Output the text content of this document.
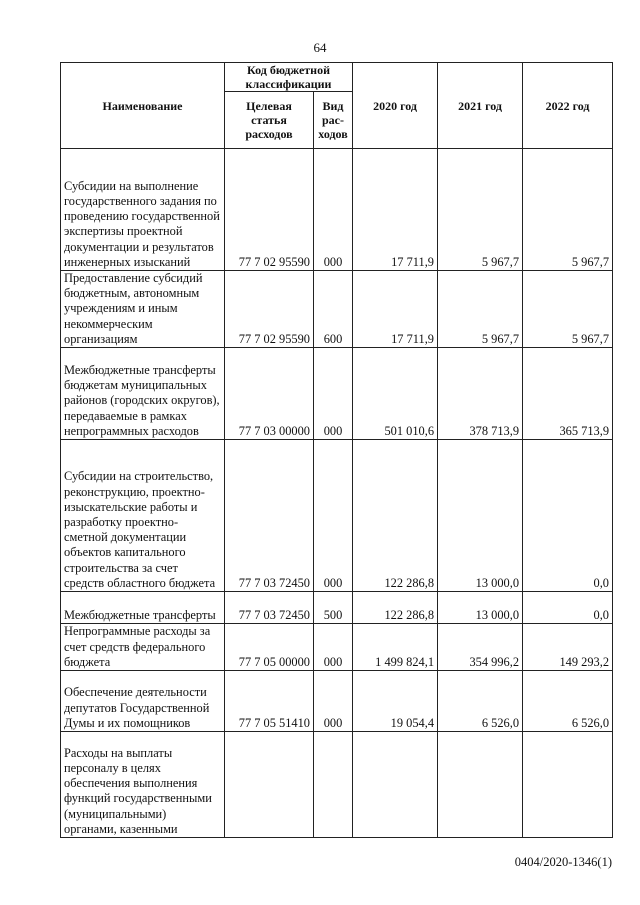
64
Наименование	Код бюджетной классификации		2020 год	2021 год	2022 год
	Целевая статья расходов	Вид рас-ходов			
Субсидии на выполнение государственного задания по проведению государственной экспертизы проектной документации и результатов инженерных изысканий	77 7 02 95590	000	17 711,9	5 967,7	5 967,7
Предоставление субсидий бюджетным, автономным учреждениям и иным некоммерческим организациям	77 7 02 95590	600	17 711,9	5 967,7	5 967,7
Межбюджетные трансферты бюджетам муниципальных районов (городских округов), передаваемые в рамках непрограммных расходов	77 7 03 00000	000	501 010,6	378 713,9	365 713,9
Субсидии на строительство, реконструкцию, проектно-изыскательские работы и разработку проектно-сметной документации объектов капитального строительства за счет средств областного бюджета	77 7 03 72450	000	122 286,8	13 000,0	0,0
Межбюджетные трансферты	77 7 03 72450	500	122 286,8	13 000,0	0,0
Непрограммные расходы за счет средств федерального бюджета	77 7 05 00000	000	1 499 824,1	354 996,2	149 293,2
Обеспечение деятельности депутатов Государственной Думы и их помощников	77 7 05 51410	000	19 054,4	6 526,0	6 526,0
Расходы на выплаты персоналу в целях обеспечения выполнения функций государственными (муниципальными) органами, казенными					
0404/2020-1346(1)
